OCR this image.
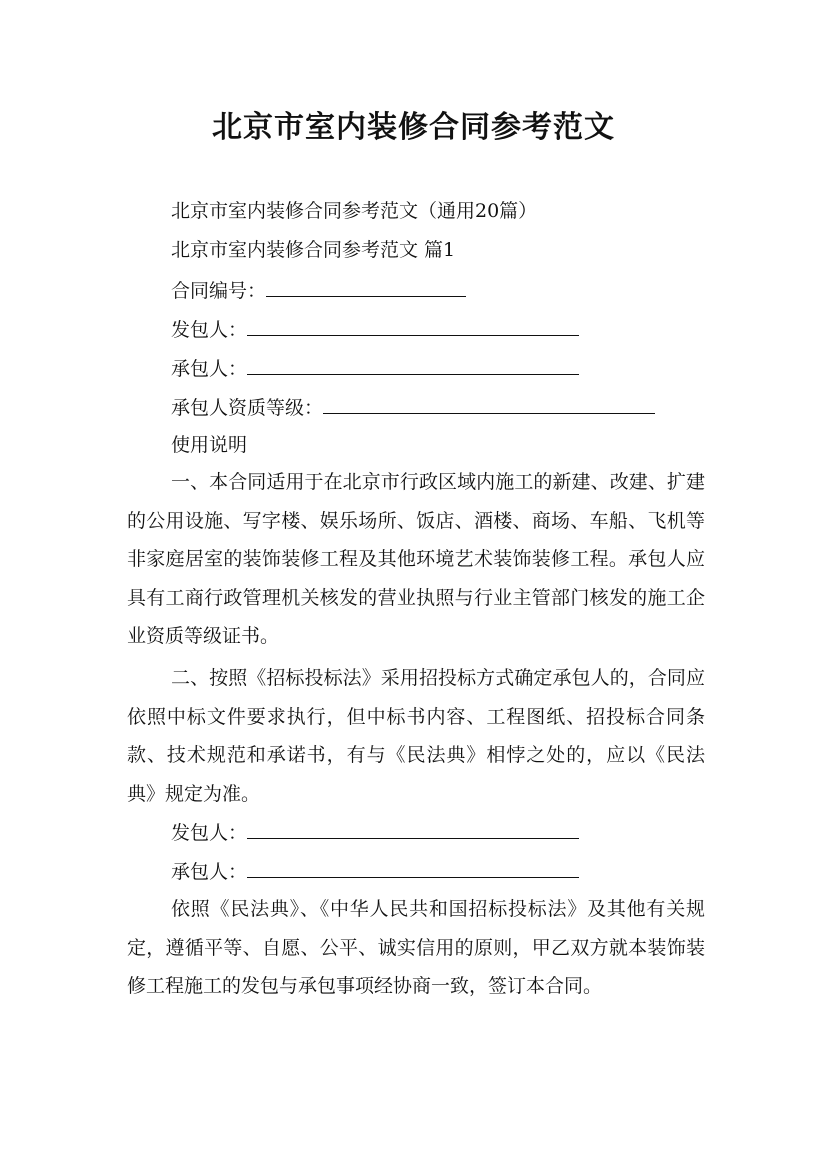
北京市室内装修合同参考范文
北京市室内装修合同参考范文（通用20篇）
北京市室内装修合同参考范文 篇1
合同编号：
发包人：
承包人：
承包人资质等级：
使用说明
一、本合同适用于在北京市行政区域内施工的新建、改建、扩建的公用设施、写字楼、娱乐场所、饭店、酒楼、商场、车船、飞机等非家庭居室的装饰装修工程及其他环境艺术装饰装修工程。承包人应具有工商行政管理机关核发的营业执照与行业主管部门核发的施工企业资质等级证书。
二、按照《招标投标法》采用招投标方式确定承包人的，合同应依照中标文件要求执行，但中标书内容、工程图纸、招投标合同条款、技术规范和承诺书，有与《民法典》相悖之处的，应以《民法典》规定为准。
发包人：
承包人：
依照《民法典》、《中华人民共和国招标投标法》及其他有关规定，遵循平等、自愿、公平、诚实信用的原则，甲乙双方就本装饰装修工程施工的发包与承包事项经协商一致，签订本合同。
